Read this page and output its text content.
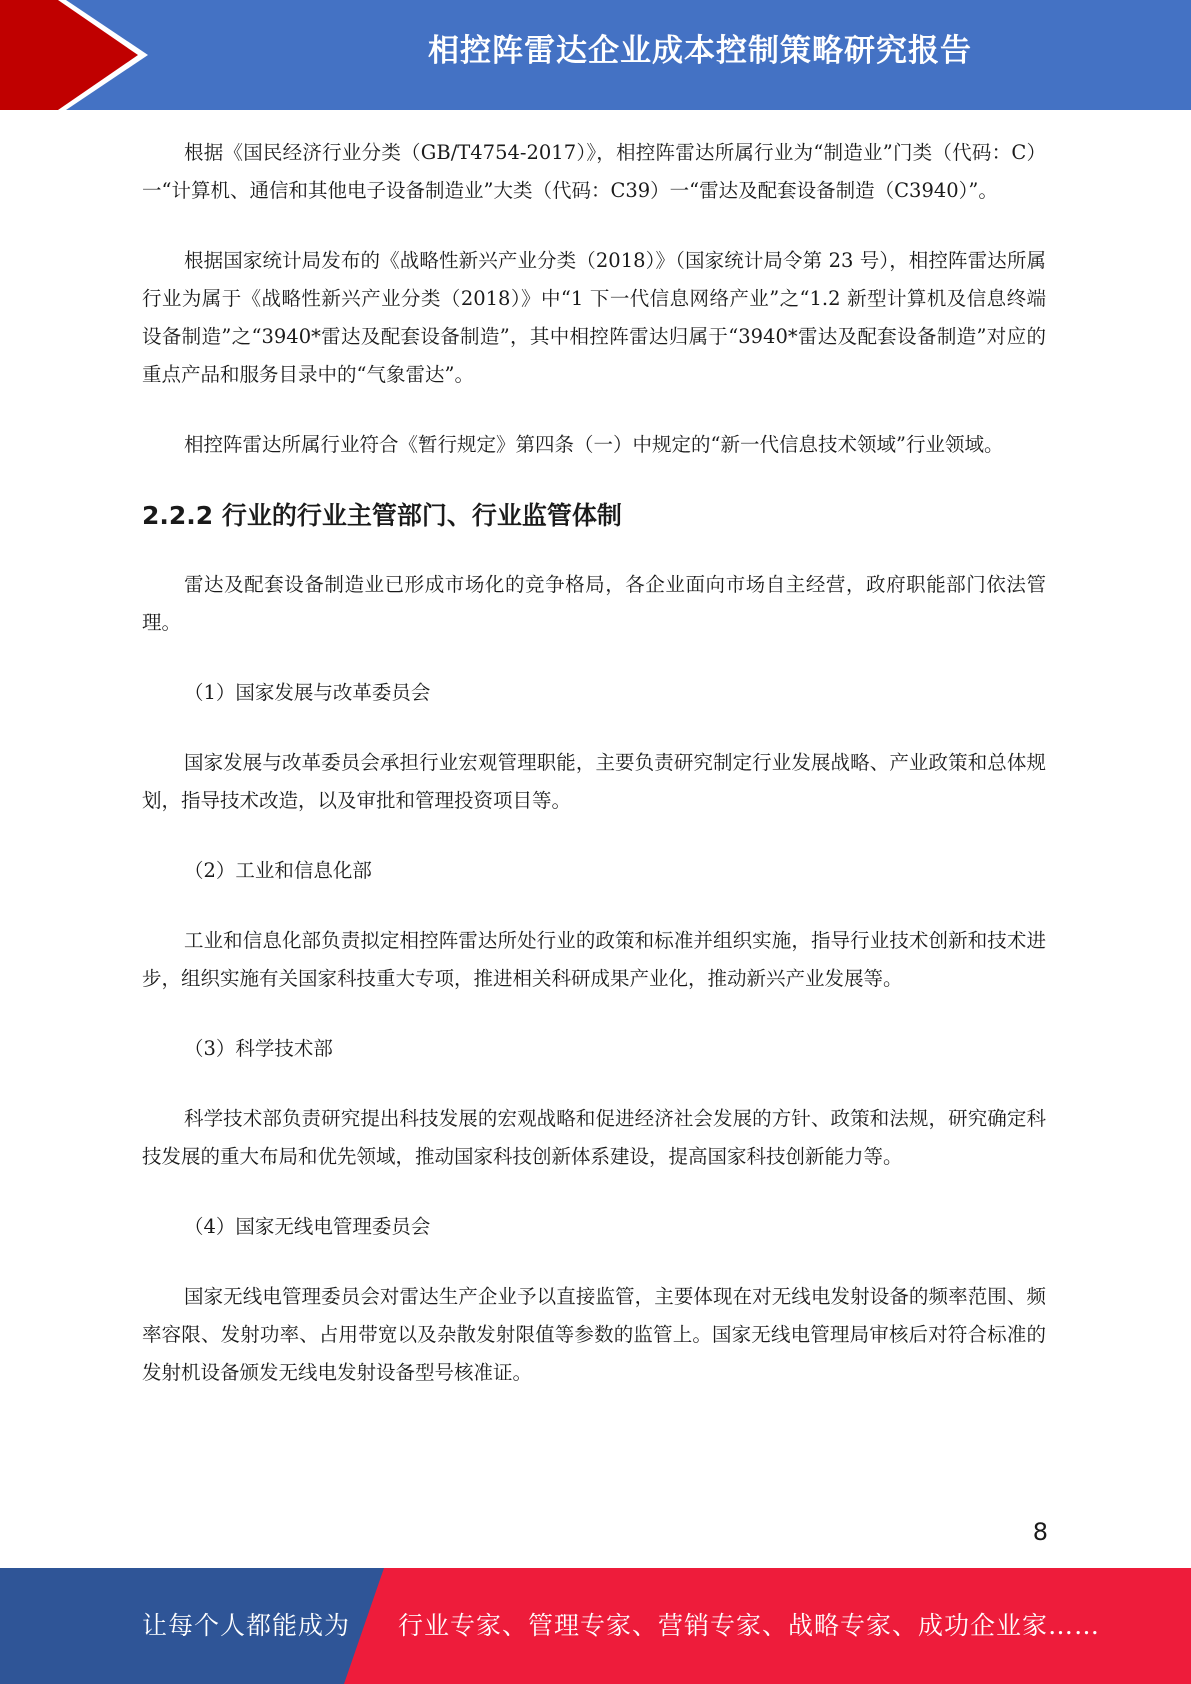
相控阵雷达企业成本控制策略研究报告

根据《国民经济行业分类（GB/T4754-2017）》，相控阵雷达所属行业为“制造业”门类（代码：C）一“计算机、通信和其他电子设备制造业”大类（代码：C39）一“雷达及配套设备制造（C3940）”。

根据国家统计局发布的《战略性新兴产业分类（2018）》（国家统计局令第 23 号），相控阵雷达所属行业为属于《战略性新兴产业分类（2018）》中“1 下一代信息网络产业”之“1.2 新型计算机及信息终端设备制造”之“3940*雷达及配套设备制造”，其中相控阵雷达归属于“3940*雷达及配套设备制造”对应的重点产品和服务目录中的“气象雷达”。

相控阵雷达所属行业符合《暂行规定》第四条（一）中规定的“新一代信息技术领域”行业领域。

2.2.2 行业的行业主管部门、行业监管体制

雷达及配套设备制造业已形成市场化的竞争格局，各企业面向市场自主经营，政府职能部门依法管理。

（1）国家发展与改革委员会

国家发展与改革委员会承担行业宏观管理职能，主要负责研究制定行业发展战略、产业政策和总体规划，指导技术改造，以及审批和管理投资项目等。

（2）工业和信息化部

工业和信息化部负责拟定相控阵雷达所处行业的政策和标准并组织实施，指导行业技术创新和技术进步，组织实施有关国家科技重大专项，推进相关科研成果产业化，推动新兴产业发展等。

（3）科学技术部

科学技术部负责研究提出科技发展的宏观战略和促进经济社会发展的方针、政策和法规，研究确定科技发展的重大布局和优先领域，推动国家科技创新体系建设，提高国家科技创新能力等。

（4）国家无线电管理委员会

国家无线电管理委员会对雷达生产企业予以直接监管，主要体现在对无线电发射设备的频率范围、频率容限、发射功率、占用带宽以及杂散发射限值等参数的监管上。国家无线电管理局审核后对符合标准的发射机设备颁发无线电发射设备型号核准证。

8
让每个人都能成为 行业专家、管理专家、营销专家、战略专家、成功企业家……
